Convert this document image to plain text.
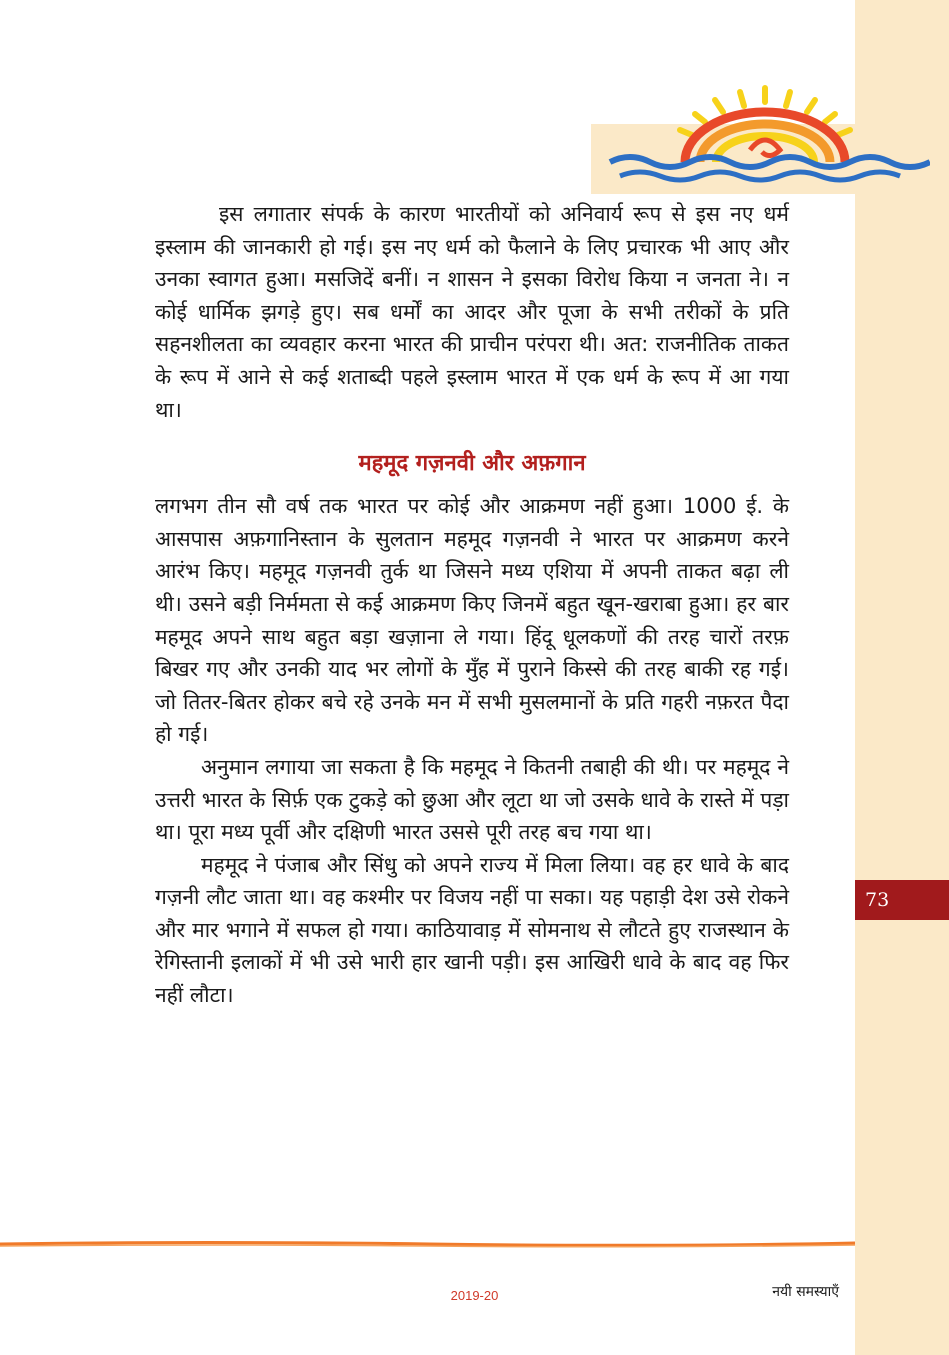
इस लगातार संपर्क के कारण भारतीयों को अनिवार्य रूप से इस नए धर्म इस्लाम की जानकारी हो गई। इस नए धर्म को फैलाने के लिए प्रचारक भी आए और उनका स्वागत हुआ। मसजिदें बनीं। न शासन ने इसका विरोध किया न जनता ने। न कोई धार्मिक झगड़े हुए। सब धर्मों का आदर और पूजा के सभी तरीकों के प्रति सहनशीलता का व्यवहार करना भारत की प्राचीन परंपरा थी। अत: राजनीतिक ताकत के रूप में आने से कई शताब्दी पहले इस्लाम भारत में एक धर्म के रूप में आ गया था।

महमूद गज़नवी और अफ़गान

लगभग तीन सौ वर्ष तक भारत पर कोई और आक्रमण नहीं हुआ। 1000 ई. के आसपास अफ़गानिस्तान के सुलतान महमूद गज़नवी ने भारत पर आक्रमण करने आरंभ किए। महमूद गज़नवी तुर्क था जिसने मध्य एशिया में अपनी ताकत बढ़ा ली थी। उसने बड़ी निर्ममता से कई आक्रमण किए जिनमें बहुत खून-खराबा हुआ। हर बार महमूद अपने साथ बहुत बड़ा खज़ाना ले गया। हिंदू धूलकणों की तरह चारों तरफ़ बिखर गए और उनकी याद भर लोगों के मुँह में पुराने किस्से की तरह बाकी रह गई। जो तितर-बितर होकर बचे रहे उनके मन में सभी मुसलमानों के प्रति गहरी नफ़रत पैदा हो गई।

अनुमान लगाया जा सकता है कि महमूद ने कितनी तबाही की थी। पर महमूद ने उत्तरी भारत के सिर्फ़ एक टुकड़े को छुआ और लूटा था जो उसके धावे के रास्ते में पड़ा था। पूरा मध्य पूर्वी और दक्षिणी भारत उससे पूरी तरह बच गया था।

महमूद ने पंजाब और सिंधु को अपने राज्य में मिला लिया। वह हर धावे के बाद गज़नी लौट जाता था। वह कश्मीर पर विजय नहीं पा सका। यह पहाड़ी देश उसे रोकने और मार भगाने में सफल हो गया। काठियावाड़ में सोमनाथ से लौटते हुए राजस्थान के रेगिस्तानी इलाकों में भी उसे भारी हार खानी पड़ी। इस आखिरी धावे के बाद वह फिर नहीं लौटा।

73
नयी समस्याएँ
2019-20
